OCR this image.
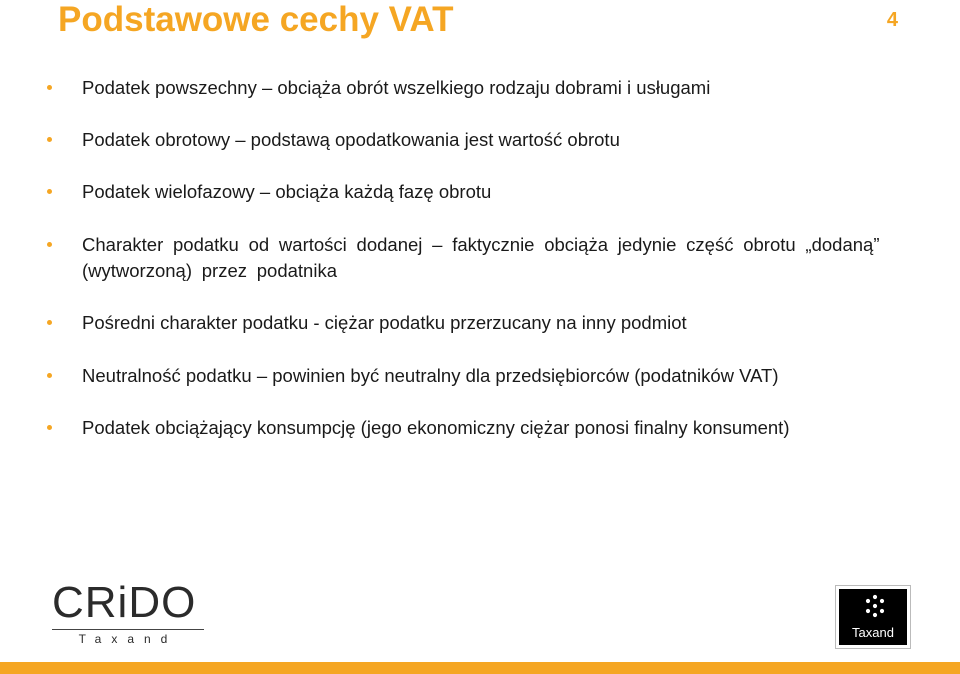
Podstawowe cechy VAT	4
Podatek powszechny – obciąża obrót wszelkiego rodzaju dobrami i usługami
Podatek obrotowy – podstawą opodatkowania jest wartość obrotu
Podatek wielofazowy – obciąża każdą fazę obrotu
Charakter podatku od wartości dodanej – faktycznie obciąża jedynie część obrotu „dodaną” (wytworzoną) przez podatnika
Pośredni charakter podatku - ciężar podatku przerzucany na inny podmiot
Neutralność podatku – powinien być neutralny dla przedsiębiorców (podatników VAT)
Podatek obciążający konsumpcję (jego ekonomiczny ciężar ponosi finalny konsument)
CRiDO
Taxand	Taxand
